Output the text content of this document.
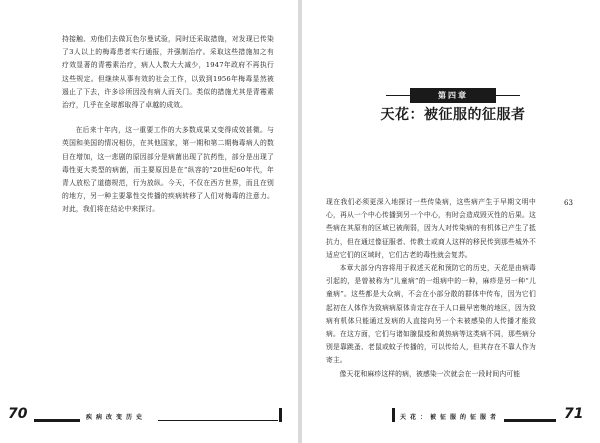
持接触、劝他们去做瓦色尔曼试验，同时还采取措施，对发现已传染了3人以上的梅毒患者实行通报，并强制治疗。采取这些措施加之有疗效显著的青霉素治疗，病人人数大大减少，1947年政府不再执行这些规定。但继续从事有效的社会工作，以致到1956年梅毒显然被遏止了下去，许多诊所因没有病人而关门。类似的措施尤其是青霉素治疗，几乎在全球都取得了卓越的成效。

在后来十年内，这一重要工作的大多数成果又变得成效甚微。与英国和美国的情况相仿，在其他国家，第一期和第二期梅毒病人的数目在增加，这一悲剧的原因部分是病菌出现了抗药性，部分是出现了毒性更大类型的病菌，而主要原因是在“纵容的”20世纪60年代，年青人放松了道德规范，行为放纵。今天，不仅在西方世界，而且在别的地方，另一种主要靠性交传播的疾病转移了人们对梅毒的注意力。对此，我们将在结论中来探讨。

70	疾病改变历史
第四章
天花：被征服的征服者
63

现在我们必须更深入地探讨一些传染病，这些病产生于早期文明中心，再从一个中心传播到另一个中心，有时会造成毁灭性的后果。这些病在其原有的区域已被削弱，因为人对传染病的有机体已产生了抵抗力，但在通过像征服者、传教士或商人这样的移民传到那些城外不适应它们的区域时，它们古老的毒性就会复苏。

本章大部分内容将用于叙述天花和预防它的历史，天花是由病毒引起的，是曾被称为“儿童病”的一组病中的一种，麻疹是另一种“儿童病”。这些都是大众病，不会在小部分散的群体中传布，因为它们起初在人体作为致病病原体肯定存在于人口最早密集的地区，因为致病有机体只能通过发病的人直接向另一个未被感染的人传播才能致病。在这方面，它们与诸如腺鼠疫和黄热病等这类病不同，那些病分别是靠跳蚤、老鼠或蚊子传播的，可以传给人，但其存在不靠人作为寄主。

像天花和麻疹这样的病，被感染一次就会在一段时间内可能

天花：被征服的征服者	71
